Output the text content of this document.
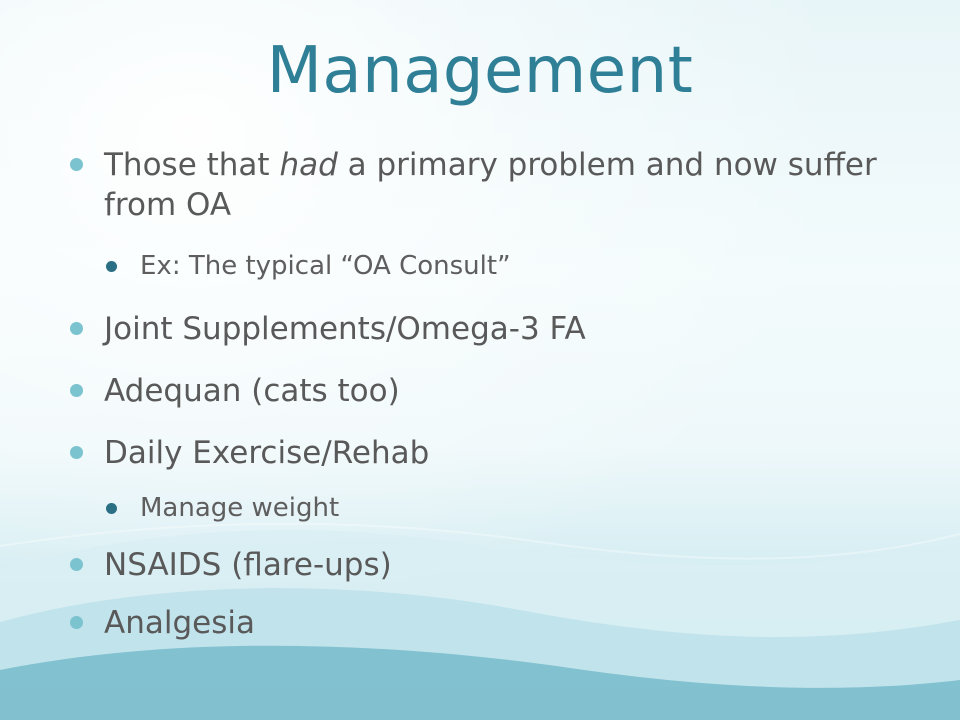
Management
Those that had a primary problem and now suffer from OA
Ex: The typical “OA Consult”
Joint Supplements/Omega-3 FA
Adequan (cats too)
Daily Exercise/Rehab
Manage weight
NSAIDS (flare-ups)
Analgesia
